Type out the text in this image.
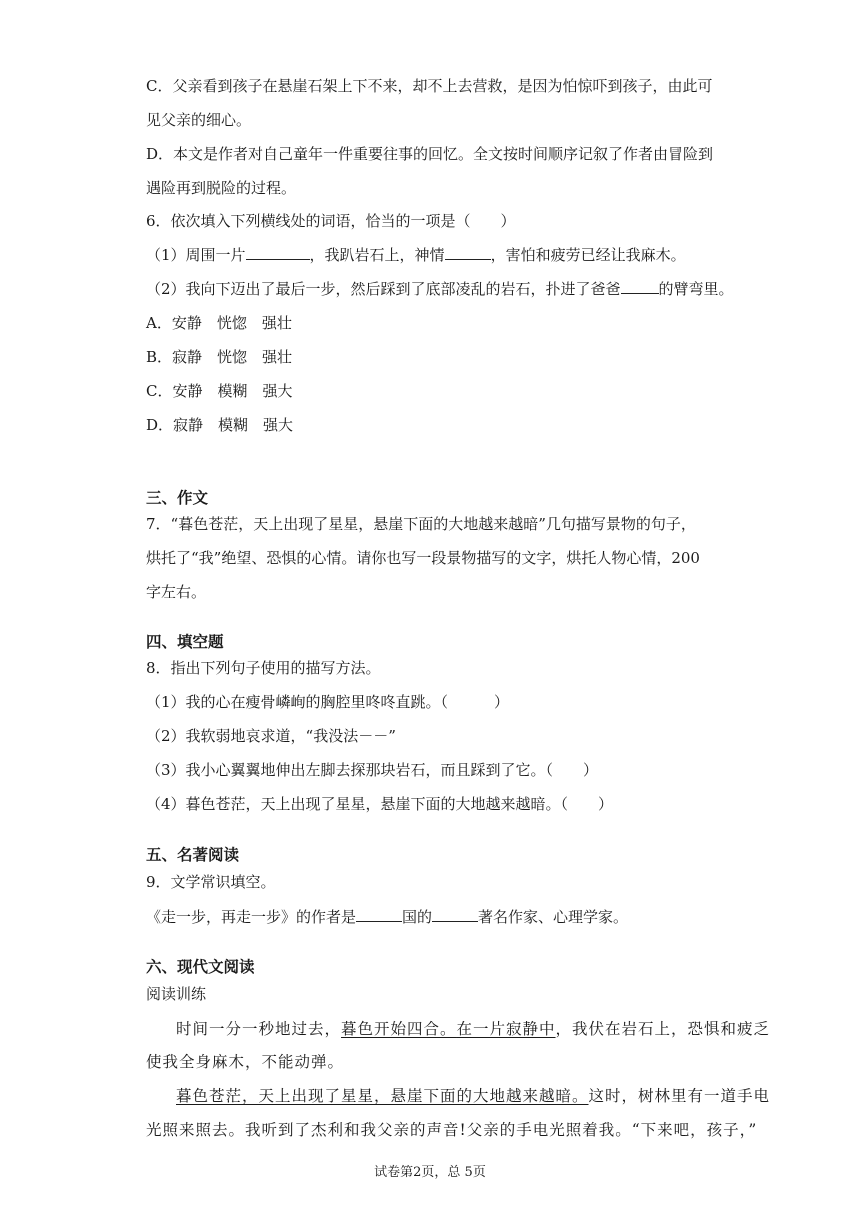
C．父亲看到孩子在悬崖石架上下不来，却不上去营救，是因为怕惊吓到孩子，由此可
见父亲的细心。
D．本文是作者对自己童年一件重要往事的回忆。全文按时间顺序记叙了作者由冒险到
遇险再到脱险的过程。
6．依次填入下列横线处的词语，恰当的一项是（　　）
（1）周围一片	，我趴岩石上，神情	，害怕和疲劳已经让我麻木。
（2）我向下迈出了最后一步，然后踩到了底部凌乱的岩石，扑进了爸爸	的臂弯里。
A．安静　恍惚　强壮
B．寂静　恍惚　强壮
C．安静　模糊　强大
D．寂静　模糊　强大
三、作文
7．“暮色苍茫，天上出现了星星，悬崖下面的大地越来越暗”几句描写景物的句子，
烘托了“我”绝望、恐惧的心情。请你也写一段景物描写的文字，烘托人物心情，200
字左右。
四、填空题
8．指出下列句子使用的描写方法。
（1）我的心在瘦骨嶙峋的胸腔里咚咚直跳。（	）
（2）我软弱地哀求道，“我没法－－”
（3）我小心翼翼地伸出左脚去探那块岩石，而且踩到了它。（ ）
（4）暮色苍茫，天上出现了星星，悬崖下面的大地越来越暗。（ ）
五、名著阅读
9．文学常识填空。
《走一步，再走一步》的作者是	国的	著名作家、心理学家。
六、现代文阅读
阅读训练
时间一分一秒地过去，暮色开始四合。在一片寂静中，我伏在岩石上，恐惧和疲乏
使我全身麻木，不能动弹。
暮色苍茫，天上出现了星星，悬崖下面的大地越来越暗。这时，树林里有一道手电
光照来照去。我听到了杰利和我父亲的声音!父亲的手电光照着我。“下来吧，孩子，”
试卷第2页，总 5页
